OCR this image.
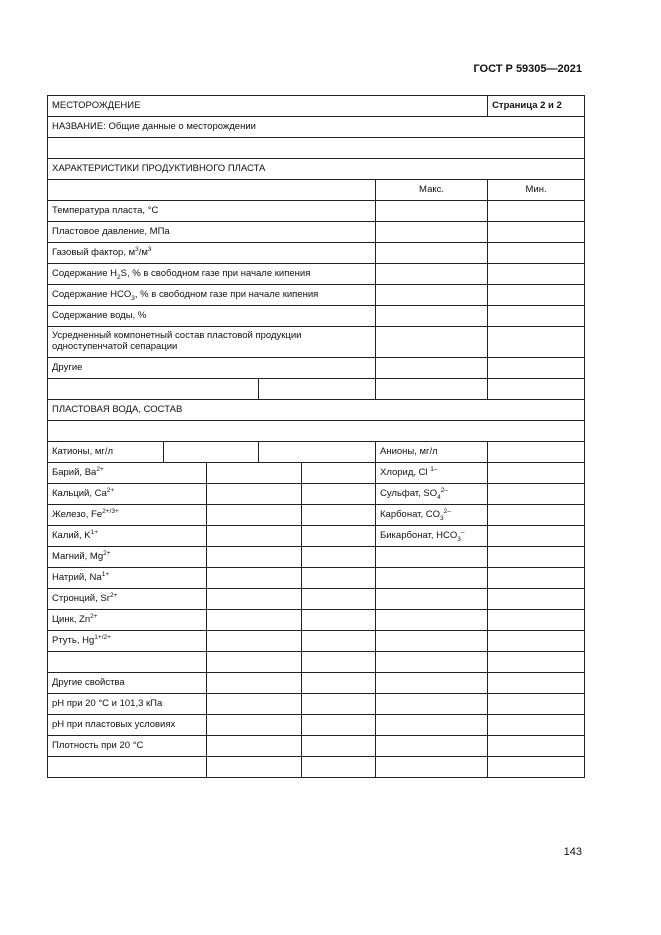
ГОСТ Р 59305—2021
МЕСТОРОЖДЕНИЕ						Страница 2 и 2
НАЗВАНИЕ: Общие данные о месторождении						

ХАРАКТЕРИСТИКИ ПРОДУКТИВНОГО ПЛАСТА						
					Макс.	Мин.
Температура пласта, °С						
Пластовое давление, МПа						
Газовый фактор, $м^3/м^3$		
Содержание $H_2S$, % в свободном газе при начале кипения						
Содержание $HCO_3$, % в свободном газе при начале кипения						
Содержание воды, %						
Усредненный компонетный состав пластовой продукции одноступенчатой сепарации						
Другие						

ПЛАСТОВАЯ ВОДА, СОСТАВ						

Катионы, мг/л					Анионы, мг/л	
Барий, $Ba^{2+}$					Хлорид, Cl $^{1-}$	
Кальций, $Ca^{2+}$					Сульфат, $SO_4^{2-}$	
Железо, $Fe^{2+/3+}$					Карбонат, $CO_3^{2-}$	
Калий, $K^{1+}$					Бикарбонат, $HCO_3^-$	
Магний, $Mg^{2+}$				
Натрий, $Na^{1+}$				
Стронций, $Sr^{2+}$				
Цинк, $Zn^{2+}$				
Ртуть, $Hg^{1+/2+}$				

Другие свойства						
pH при 20 °С и 101,3 кПа						
pH при пластовых условиях						
Плотность при 20 °С						

143
